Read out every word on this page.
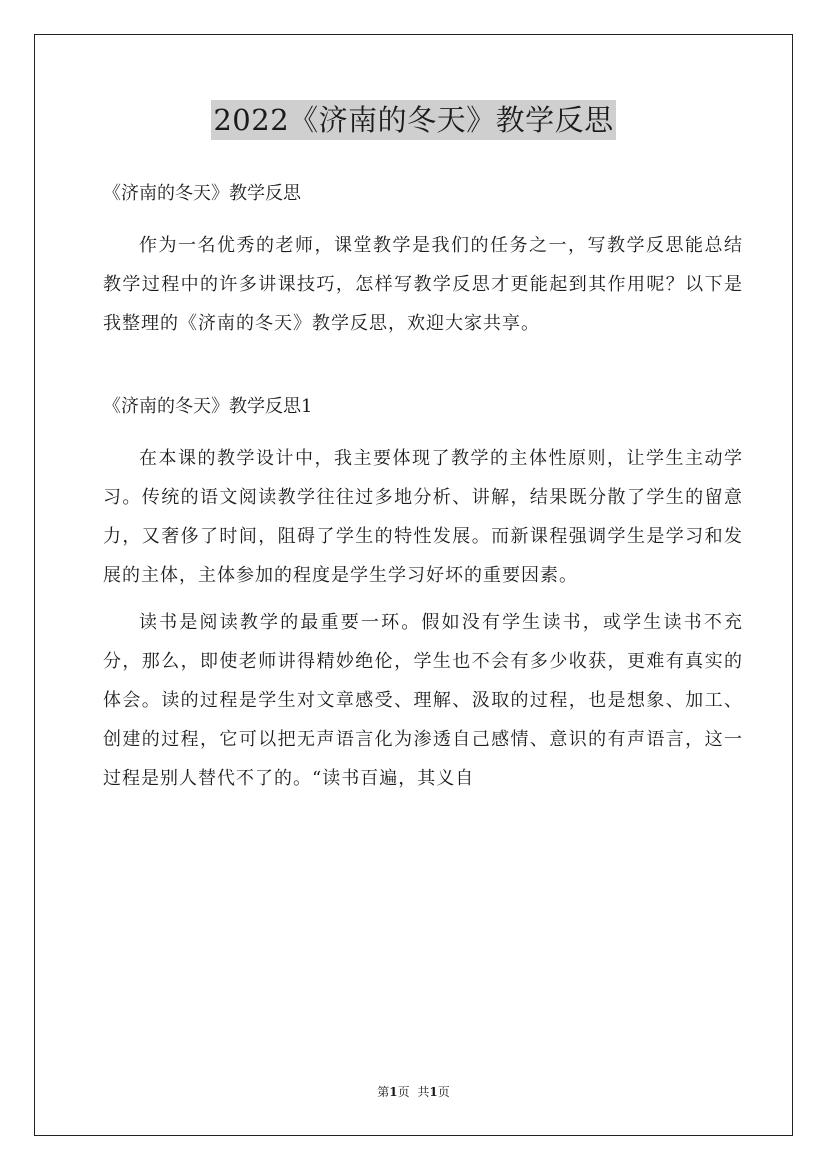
2022《济南的冬天》教学反思

《济南的冬天》教学反思

作为一名优秀的老师，课堂教学是我们的任务之一，写教学反思能总结教学过程中的许多讲课技巧，怎样写教学反思才更能起到其作用呢？以下是我整理的《济南的冬天》教学反思，欢迎大家共享。

《济南的冬天》教学反思1

在本课的教学设计中，我主要体现了教学的主体性原则，让学生主动学习。传统的语文阅读教学往往过多地分析、讲解，结果既分散了学生的留意力，又奢侈了时间，阻碍了学生的特性发展。而新课程强调学生是学习和发展的主体，主体参加的程度是学生学习好坏的重要因素。

读书是阅读教学的最重要一环。假如没有学生读书，或学生读书不充分，那么，即使老师讲得精妙绝伦，学生也不会有多少收获，更难有真实的体会。读的过程是学生对文章感受、理解、汲取的过程，也是想象、加工、创建的过程，它可以把无声语言化为渗透自己感情、意识的有声语言，这一过程是别人替代不了的。“读书百遍，其义自

第1页 共1页
